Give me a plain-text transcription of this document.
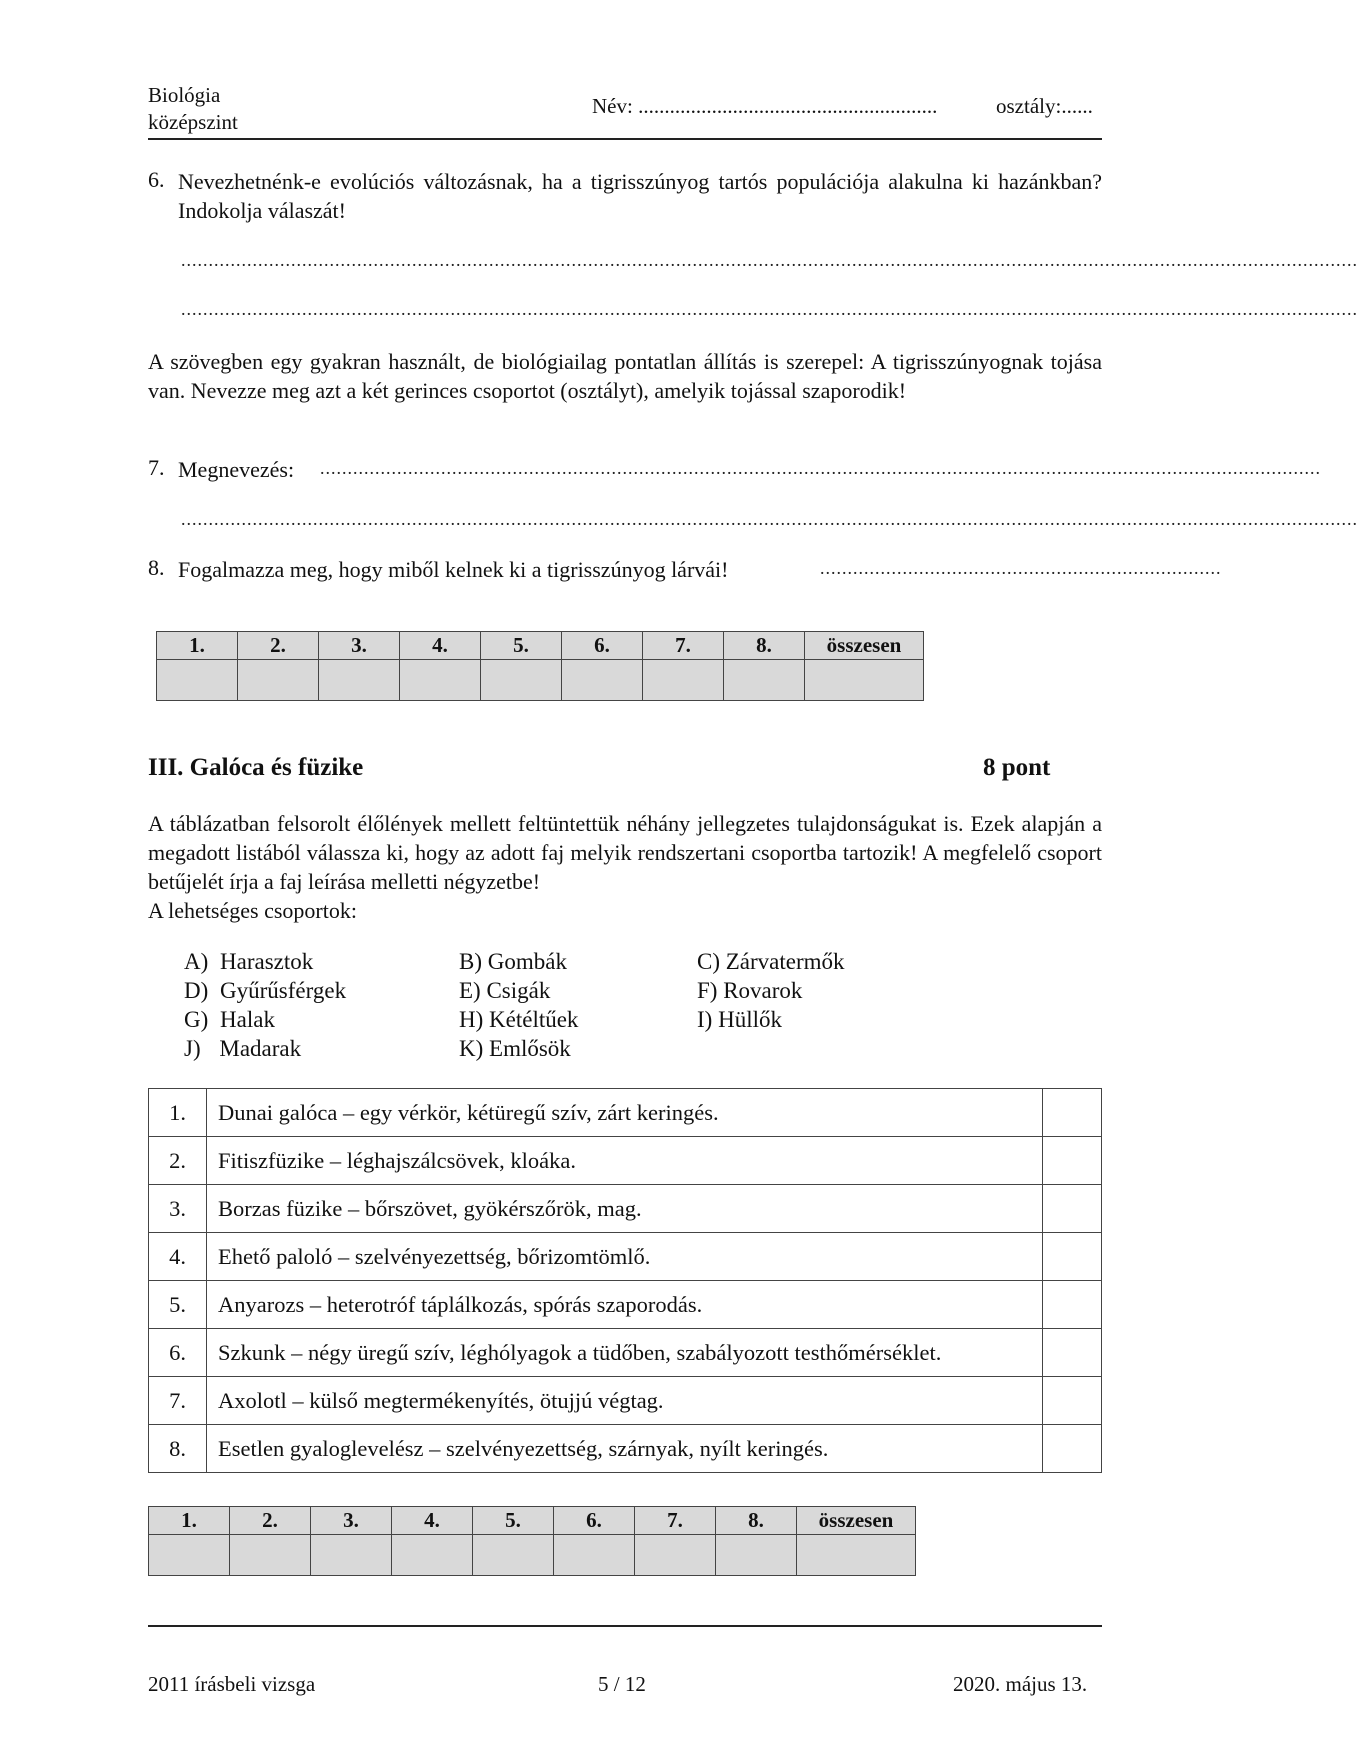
Biológia
középszint
Név: .........................................................	osztály:......
6. Nevezhetnénk-e evolúciós változásnak, ha a tigrisszúnyog tartós populációja alakulna ki hazánkban? Indokolja válaszát!
......................................................................................................................................................................................................................
......................................................................................................................................................................................................................
A szövegben egy gyakran használt, de biológiailag pontatlan állítás is szerepel: A tigrisszúnyognak tojása van. Nevezze meg azt a két gerinces csoportot (osztályt), amelyik tojással szaporodik!
7. Megnevezés: ......................................................................................................................................................................................
......................................................................................................................................................................................................................
8. Fogalmazza meg, hogy miből kelnek ki a tigrisszúnyog lárvái!	.........................................................................
1.	2.	3.	4.	5.	6.	7.	8.	összesen

III. Galóca és füzike	8 pont
A táblázatban felsorolt élőlények mellett feltüntettük néhány jellegzetes tulajdonságukat is. Ezek alapján a megadott listából válassza ki, hogy az adott faj melyik rendszertani csoportba tartozik! A megfelelő csoport betűjelét írja a faj leírása melletti négyzetbe!
A lehetséges csoportok:
A) Harasztok	B) Gombák	C) Zárvatermők
D) Gyűrűsférgek	E) Csigák	F) Rovarok
G) Halak	H) Kétéltűek	I) Hüllők
J) Madarak	K) Emlősök
1.	Dunai galóca – egy vérkör, kétüregű szív, zárt keringés.	
2.	Fitiszfüzike – léghajszálcsövek, kloáka.	
3.	Borzas füzike – bőrszövet, gyökérszőrök, mag.	
4.	Ehető paloló – szelvényezettség, bőrizomtömlő.	
5.	Anyarozs – heterotróf táplálkozás, spórás szaporodás.	
6.	Szkunk – négy üregű szív, léghólyagok a tüdőben, szabályozott testhőmérséklet.	
7.	Axolotl – külső megtermékenyítés, ötujjú végtag.	
8.	Esetlen gyaloglevelész – szelvényezettség, szárnyak, nyílt keringés.	
1.	2.	3.	4.	5.	6.	7.	8.	összesen

2011 írásbeli vizsga	5 / 12	2020. május 13.
